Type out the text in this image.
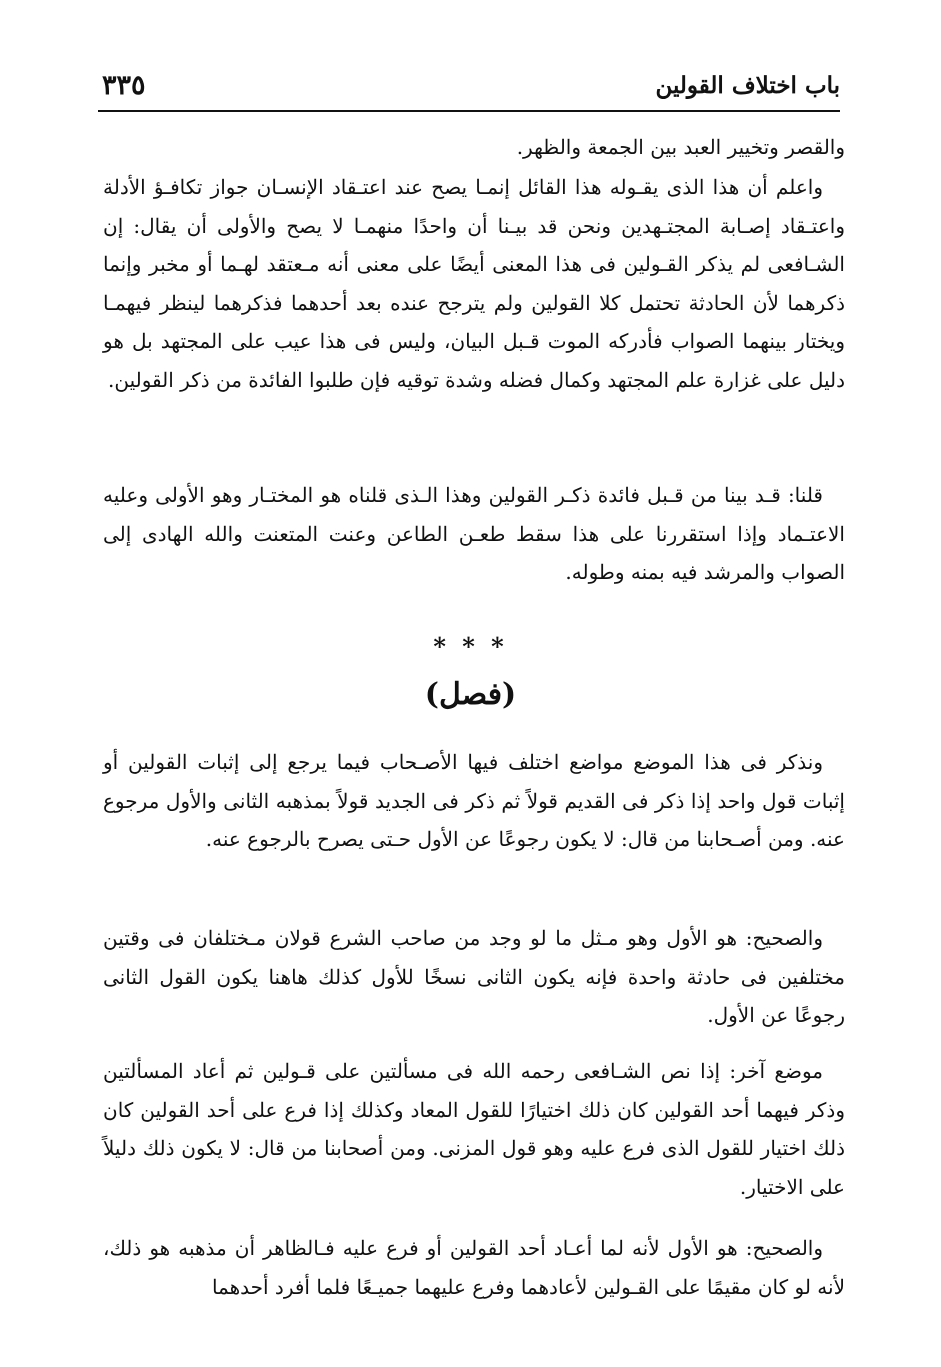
باب اختلاف القولين
٣٣٥

والقصر وتخيير العبد بين الجمعة والظهر.

واعلم أن هذا الذى يقـوله هذا القائل إنمـا يصح عند اعتـقاد الإنسـان جواز تكافـؤ الأدلة واعتـقاد إصـابة المجتـهدين ونحن قد بيـنا أن واحدًا منهمـا لا يصح والأولى أن يقال: إن الشـافعى لم يذكر القـولين فى هذا المعنى أيضًا على معنى أنه مـعتقد لهـما أو مخبر وإنما ذكرهما لأن الحادثة تحتمل كلا القولين ولم يترجح عنده بعد أحدهما فذكرهما لينظر فيهمـا ويختار بينهما الصواب فأدركه الموت قـبل البيان، وليس فى هذا عيب على المجتهد بل هو دليل على غزارة علم المجتهد وكمال فضله وشدة توقيه فإن طلبوا الفائدة من ذكر القولين.

قلنا: قـد بينا من قـبل فائدة ذكـر القولين وهذا الـذى قلناه هو المختـار وهو الأولى وعليه الاعتـماد وإذا استقررنا على هذا سقط طعـن الطاعن وعنت المتعنت والله الهادى إلى الصواب والمرشد فيه بمنه وطوله.

* * *
(فصل)

ونذكر فى هذا الموضع مواضع اختلف فيها الأصـحاب فيما يرجع إلى إثبات القولين أو إثبات قول واحد إذا ذكر فى القديم قولاً ثم ذكر فى الجديد قولاً بمذهبه الثانى والأول مرجوع عنه. ومن أصـحابنا من قال: لا يكون رجوعًا عن الأول حـتى يصرح بالرجوع عنه.

والصحيح: هو الأول وهو مـثل ما لو وجد من صاحب الشرع قولان مـختلفان فى وقتين مختلفين فى حادثة واحدة فإنه يكون الثانى نسخًا للأول كذلك هاهنا يكون القول الثانى رجوعًا عن الأول.

موضع آخر: إذا نص الشـافعى رحمه الله فى مسألتين على قـولين ثم أعاد المسألتين وذكر فيهما أحد القولين كان ذلك اختيارًا للقول المعاد وكذلك إذا فرع على أحد القولين كان ذلك اختيار للقول الذى فرع عليه وهو قول المزنى. ومن أصحابنا من قال: لا يكون ذلك دليلاً على الاختيار.

والصحيح: هو الأول لأنه لما أعـاد أحد القولين أو فرع عليه فـالظاهر أن مذهبه هو ذلك، لأنه لو كان مقيمًا على القـولين لأعادهما وفرع عليهما جميـعًا فلما أفرد أحدهما
